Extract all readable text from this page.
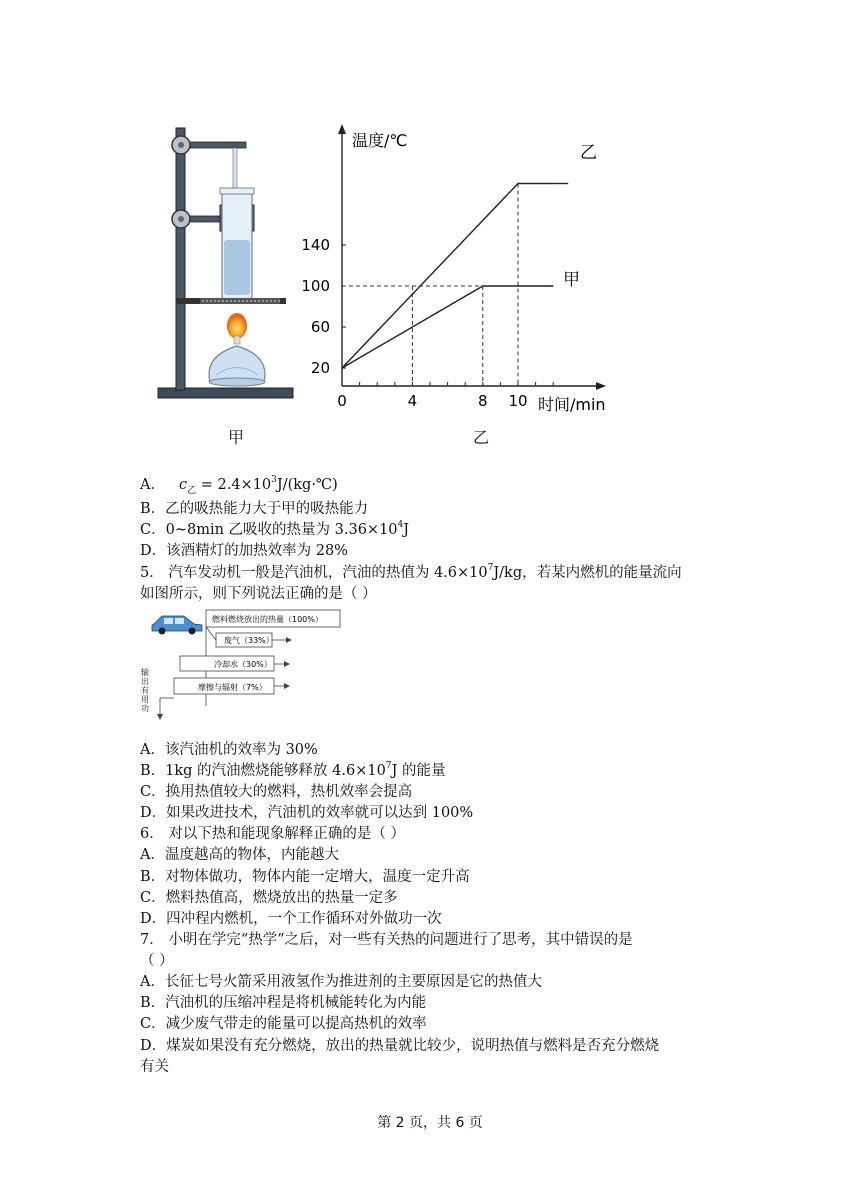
甲
20
60
100
140
0	4	8 10
温度/℃
时间/min
乙
甲
乙
A． $c_乙$ = $2.4\times 10^3J/(kg\cdot℃)$
B．乙的吸热能力大于甲的吸热能力
C．0~8min 乙吸收的热量为 $3.36\times 10^4J$
D．该酒精灯的加热效率为 28%
5． 汽车发动机一般是汽油机，汽油的热值为 $4.6\times 10^7J/kg$，若某内燃机的能量流向
如图所示，则下列说法正确的是（ ）
燃料燃烧放出的热量（100%）
废气（33%）
冷却水（30%）
摩擦与辐射（7%）
输出有用功
A．该汽油机的效率为 30%
B．1kg 的汽油燃烧能够释放 $4.6\times 10^7J$ 的能量
C．换用热值较大的燃料，热机效率会提高
D．如果改进技术，汽油机的效率就可以达到 100%
6． 对以下热和能现象解释正确的是（ ）
A．温度越高的物体，内能越大
B．对物体做功，物体内能一定增大，温度一定升高
C．燃料热值高，燃烧放出的热量一定多
D．四冲程内燃机，一个工作循环对外做功一次
7． 小明在学完“热学”之后，对一些有关热的问题进行了思考，其中错误的是
（ ）
A．长征七号火箭采用液氢作为推进剂的主要原因是它的热值大
B．汽油机的压缩冲程是将机械能转化为内能
C．减少废气带走的能量可以提高热机的效率
D．煤炭如果没有充分燃烧，放出的热量就比较少，说明热值与燃料是否充分燃烧
有关
第 2 页，共 6 页
